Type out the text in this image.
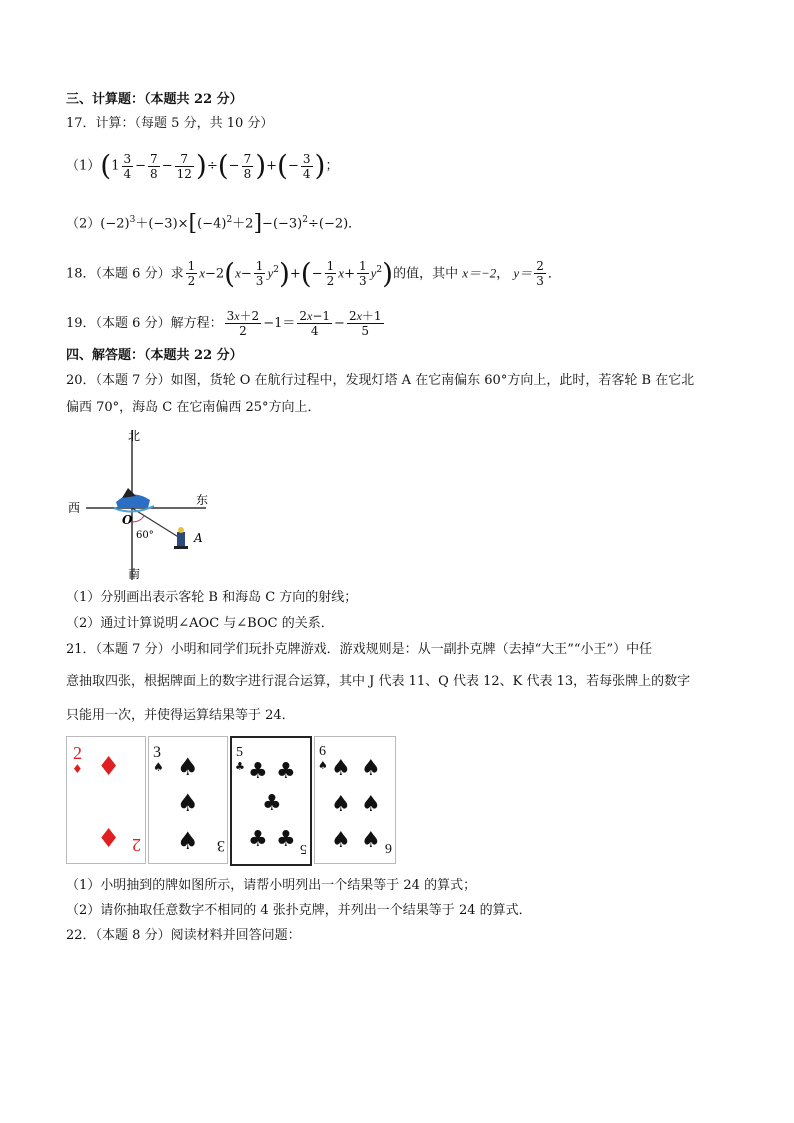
三、计算题：（本题共 22 分）
17．计算：（每题 5 分，共 10 分）
$(1)(1 \frac{3}{4} - \frac{7}{8} - \frac{7}{12}$ )÷(− $\frac{7}{8}$ )+(− $\frac{3}{4}$ )；
$(2)(-2)^3+(-3)\times[(-4)^2+2]-(-3)^2\div(-2)$．
18．（本题 6 分）求 $\frac{1}{2} x-2(x- \frac{1}{3} y^2)+(- \frac{1}{2} x+ \frac{1}{3} y^2)$的值，其中 x＝−2， $y= \frac{2}{3}$ ．
19．（本题 6 分）解方程： $\frac{3x+2}{2} -1= \frac{2x-1}{4} - \frac{2x+1}{5}$
四、解答题：（本题共 22 分）
20．（本题 7 分）如图，货轮 O 在航行过程中，发现灯塔 A 在它南偏东 60°方向上，此时，若客轮 B 在它北
偏西 70°，海岛 C 在它南偏西 25°方向上．
北
南
西
东
O
A
60°
（1）分别画出表示客轮 B 和海岛 C 方向的射线；
（2）通过计算说明∠AOC 与∠BOC 的关系．
21．（本题 7 分）小明和同学们玩扑克牌游戏．游戏规则是：从一副扑克牌（去掉“大王”“小王”）中任
意抽取四张，根据牌面上的数字进行混合运算，其中 J 代表 11、Q 代表 12、K 代表 13，若每张牌上的数字
只能用一次，并使得运算结果等于 24．
2
♦ ♦
♦ 2
3
♠ ♠
♠
♠ 3
5
♣ ♣ ♣
♣
♣ ♣ 5
6
♠ ♠ ♠
♠ ♠
♠ ♠ 6
（1）小明抽到的牌如图所示，请帮小明列出一个结果等于 24 的算式；
（2）请你抽取任意数字不相同的 4 张扑克牌，并列出一个结果等于 24 的算式．
22．（本题 8 分）阅读材料并回答问题：
